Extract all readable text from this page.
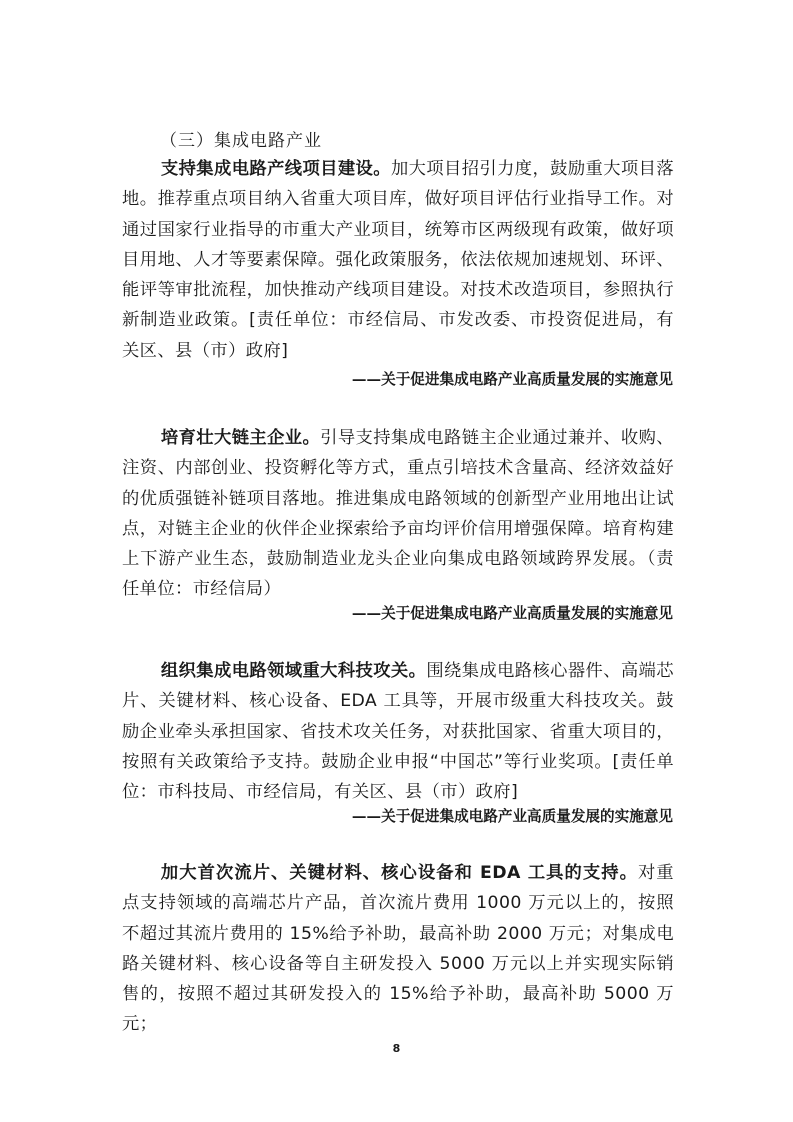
（三）集成电路产业

支持集成电路产线项目建设。加大项目招引力度，鼓励重大项目落地。推荐重点项目纳入省重大项目库，做好项目评估行业指导工作。对通过国家行业指导的市重大产业项目，统筹市区两级现有政策，做好项目用地、人才等要素保障。强化政策服务，依法依规加速规划、环评、能评等审批流程，加快推动产线项目建设。对技术改造项目，参照执行新制造业政策。[责任单位：市经信局、市发改委、市投资促进局，有关区、县（市）政府]

——关于促进集成电路产业高质量发展的实施意见

培育壮大链主企业。引导支持集成电路链主企业通过兼并、收购、注资、内部创业、投资孵化等方式，重点引培技术含量高、经济效益好的优质强链补链项目落地。推进集成电路领域的创新型产业用地出让试点，对链主企业的伙伴企业探索给予亩均评价信用增强保障。培育构建上下游产业生态，鼓励制造业龙头企业向集成电路领域跨界发展。（责任单位：市经信局）

——关于促进集成电路产业高质量发展的实施意见

组织集成电路领域重大科技攻关。围绕集成电路核心器件、高端芯片、关键材料、核心设备、EDA 工具等，开展市级重大科技攻关。鼓励企业牵头承担国家、省技术攻关任务，对获批国家、省重大项目的，按照有关政策给予支持。鼓励企业申报“中国芯”等行业奖项。[责任单位：市科技局、市经信局，有关区、县（市）政府]

——关于促进集成电路产业高质量发展的实施意见

加大首次流片、关键材料、核心设备和 EDA 工具的支持。对重点支持领域的高端芯片产品，首次流片费用 1000 万元以上的，按照不超过其流片费用的 15%给予补助，最高补助 2000 万元；对集成电路关键材料、核心设备等自主研发投入 5000 万元以上并实现实际销售的，按照不超过其研发投入的 15%给予补助，最高补助 5000 万元；

8
